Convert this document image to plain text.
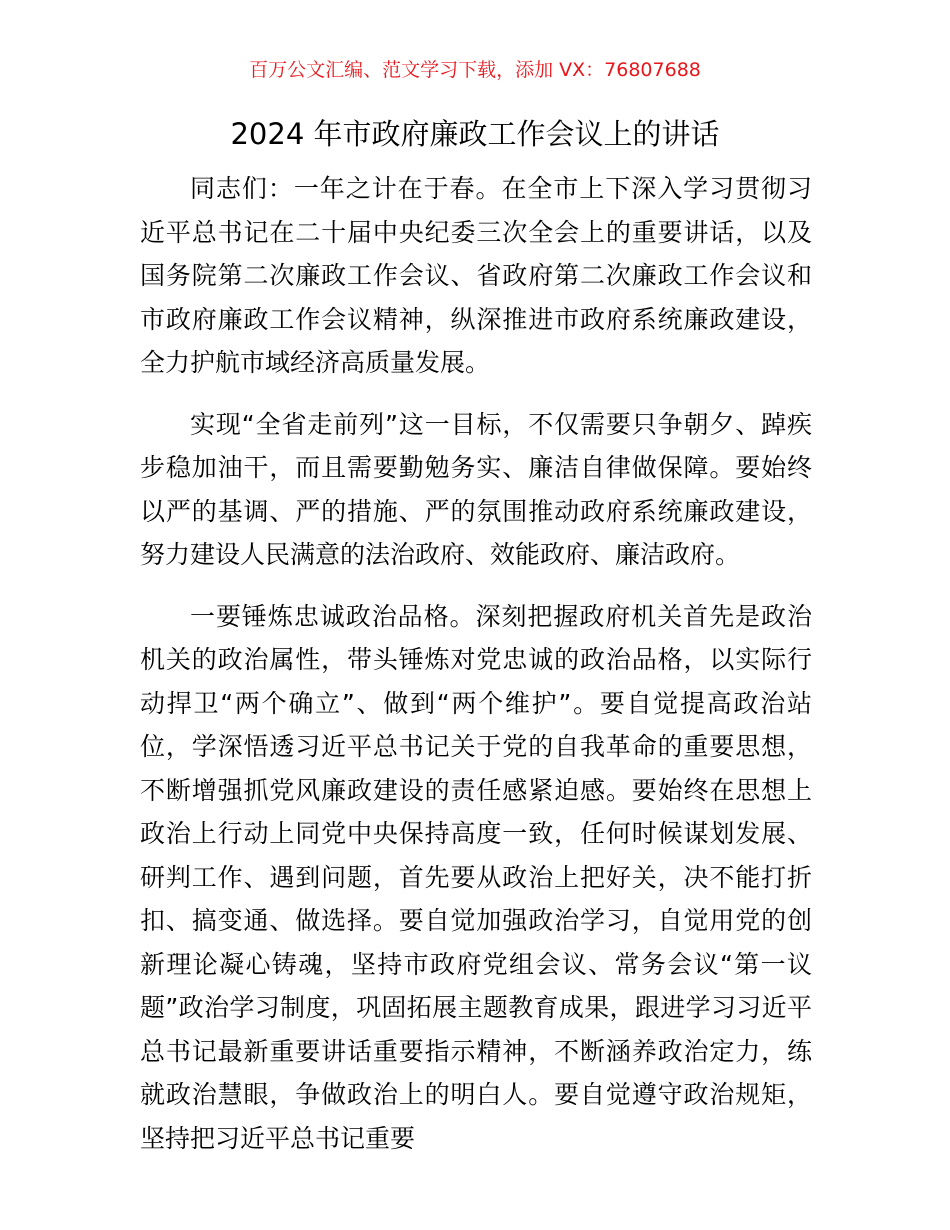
百万公文汇编、范文学习下载，添加 VX：76807688
2024 年市政府廉政工作会议上的讲话

同志们：一年之计在于春。在全市上下深入学习贯彻习近平总书记在二十届中央纪委三次全会上的重要讲话，以及国务院第二次廉政工作会议、省政府第二次廉政工作会议和市政府廉政工作会议精神，纵深推进市政府系统廉政建设，全力护航市域经济高质量发展。

实现“全省走前列”这一目标，不仅需要只争朝夕、踔疾步稳加油干，而且需要勤勉务实、廉洁自律做保障。要始终以严的基调、严的措施、严的氛围推动政府系统廉政建设，努力建设人民满意的法治政府、效能政府、廉洁政府。

一要锤炼忠诚政治品格。深刻把握政府机关首先是政治机关的政治属性，带头锤炼对党忠诚的政治品格，以实际行动捍卫“两个确立”、做到“两个维护”。要自觉提高政治站位，学深悟透习近平总书记关于党的自我革命的重要思想，不断增强抓党风廉政建设的责任感紧迫感。要始终在思想上政治上行动上同党中央保持高度一致，任何时候谋划发展、研判工作、遇到问题，首先要从政治上把好关，决不能打折扣、搞变通、做选择。要自觉加强政治学习，自觉用党的创新理论凝心铸魂，坚持市政府党组会议、常务会议“第一议题”政治学习制度，巩固拓展主题教育成果，跟进学习习近平总书记最新重要讲话重要指示精神，不断涵养政治定力，练就政治慧眼，争做政治上的明白人。要自觉遵守政治规矩，坚持把习近平总书记重要
